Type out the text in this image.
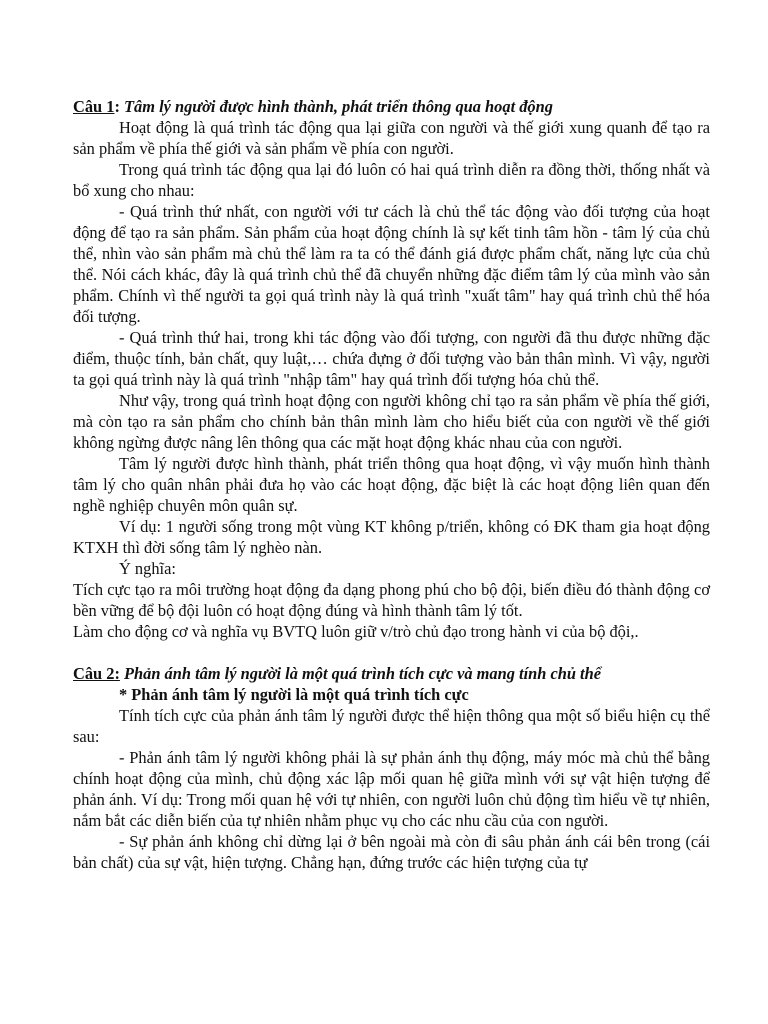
Câu 1: Tâm lý người được hình thành, phát triển thông qua hoạt động

Hoạt động là quá trình tác động qua lại giữa con người và thế giới xung quanh để tạo ra sản phẩm về phía thế giới và sản phẩm về phía con người.

Trong quá trình tác động qua lại đó luôn có hai quá trình diễn ra đồng thời, thống nhất và bổ xung cho nhau:

- Quá trình thứ nhất, con người với tư cách là chủ thể tác động vào đối tượng của hoạt động để tạo ra sản phẩm. Sản phẩm của hoạt động chính là sự kết tinh tâm hồn - tâm lý của chủ thể, nhìn vào sản phẩm mà chủ thể làm ra ta có thể đánh giá được phẩm chất, năng lực của chủ thể. Nói cách khác, đây là quá trình chủ thể đã chuyển những đặc điểm tâm lý của mình vào sản phẩm. Chính vì thế người ta gọi quá trình này là quá trình "xuất tâm" hay quá trình chủ thể hóa đối tượng.

- Quá trình thứ hai, trong khi tác động vào đối tượng, con người đã thu được những đặc điểm, thuộc tính, bản chất, quy luật,… chứa đựng ở đối tượng vào bản thân mình. Vì vậy, người ta gọi quá trình này là quá trình "nhập tâm" hay quá trình đối tượng hóa chủ thể.

Như vậy, trong quá trình hoạt động con người không chỉ tạo ra sản phẩm về phía thế giới, mà còn tạo ra sản phẩm cho chính bản thân mình làm cho hiểu biết của con người về thế giới không ngừng được nâng lên thông qua các mặt hoạt động khác nhau của con người.

Tâm lý người được hình thành, phát triển thông qua hoạt động, vì vậy muốn hình thành tâm lý cho quân nhân phải đưa họ vào các hoạt động, đặc biệt là các hoạt động liên quan đến nghề nghiệp chuyên môn quân sự.

Ví dụ: 1 người sống trong một vùng KT không p/triển, không có ĐK tham gia hoạt động KTXH thì đời sống tâm lý nghèo nàn.

Ý nghĩa:

Tích cực tạo ra môi trường hoạt động đa dạng phong phú cho bộ đội, biến điều đó thành động cơ bền vững để bộ đội luôn có hoạt động đúng và hình thành tâm lý tốt.

Làm cho động cơ và nghĩa vụ BVTQ luôn giữ v/trò chủ đạo trong hành vi của bộ đội,.

Câu 2: Phản ánh tâm lý người là một quá trình tích cực và mang tính chủ thể

* Phản ánh tâm lý người là một quá trình tích cực

Tính tích cực của phản ánh tâm lý người được thể hiện thông qua một số biểu hiện cụ thể sau:

- Phản ánh tâm lý người không phải là sự phản ánh thụ động, máy móc mà chủ thể bằng chính hoạt động của mình, chủ động xác lập mối quan hệ giữa mình với sự vật hiện tượng để phản ánh. Ví dụ: Trong mối quan hệ với tự nhiên, con người luôn chủ động tìm hiểu về tự nhiên, nắm bắt các diễn biến của tự nhiên nhằm phục vụ cho các nhu cầu của con người.

- Sự phản ánh không chỉ dừng lại ở bên ngoài mà còn đi sâu phản ánh cái bên trong (cái bản chất) của sự vật, hiện tượng. Chẳng hạn, đứng trước các hiện tượng của tự
